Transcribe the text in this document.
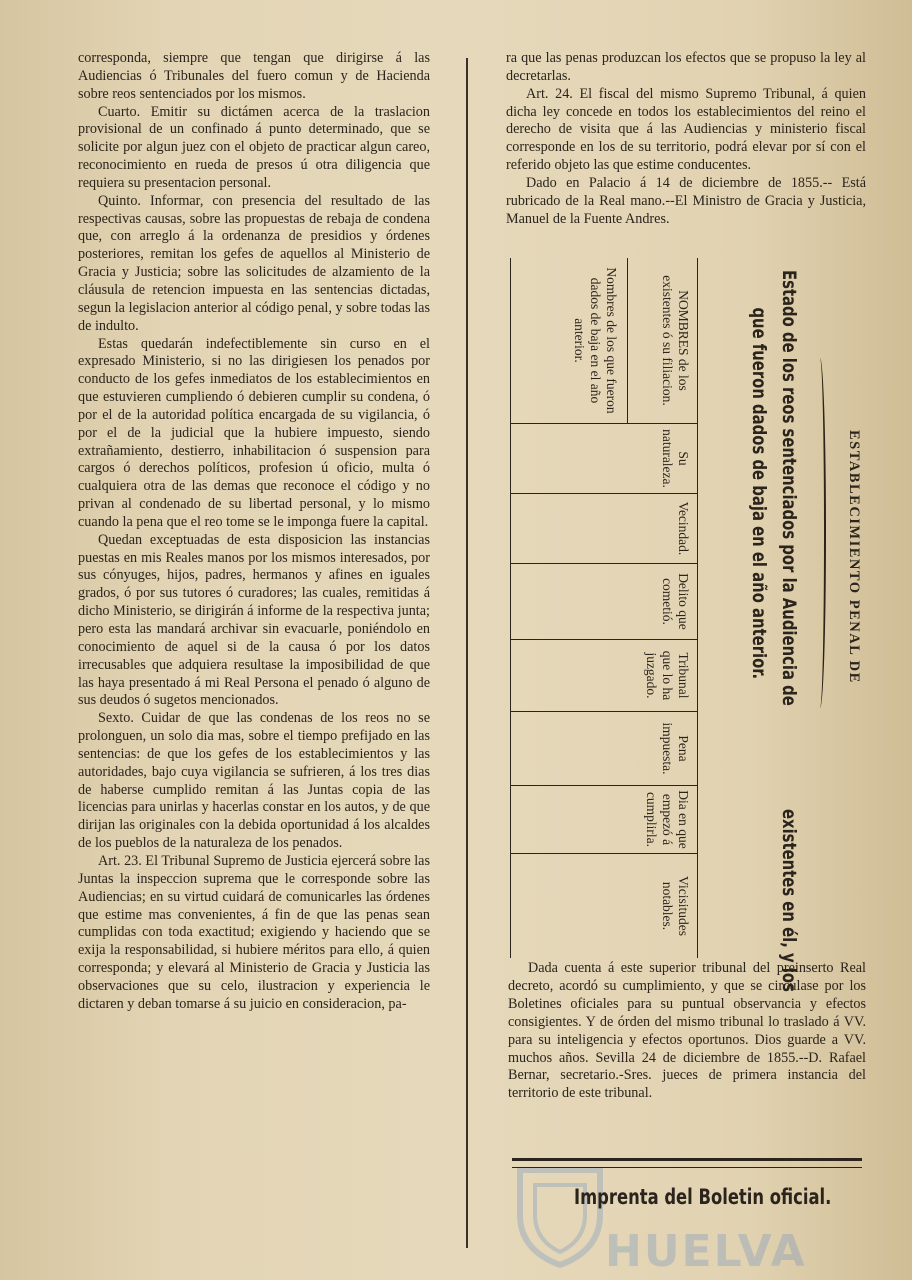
corresponda, siempre que tengan que dirigirse á las Audiencias ó Tribunales del fuero comun y de Hacienda sobre reos sentenciados por los mismos.

Cuarto. Emitir su dictámen acerca de la traslacion provisional de un confinado á punto determinado, que se solicite por algun juez con el objeto de practicar algun careo, reconocimiento en rueda de presos ú otra diligencia que requiera su presentacion personal.

Quinto. Informar, con presencia del resultado de las respectivas causas, sobre las propuestas de rebaja de condena que, con arreglo á la ordenanza de presidios y órdenes posteriores, remitan los gefes de aquellos al Ministerio de Gracia y Justicia; sobre las solicitudes de alzamiento de la cláusula de retencion impuesta en las sentencias dictadas, segun la legislacion anterior al código penal, y sobre todas las de indulto.

Estas quedarán indefectiblemente sin curso en el expresado Ministerio, si no las dirigiesen los penados por conducto de los gefes inmediatos de los establecimientos en que estuvieren cumpliendo ó debieren cumplir su condena, ó por el de la autoridad política encargada de su vigilancia, ó por el de la judicial que la hubiere impuesto, siendo extrañamiento, destierro, inhabilitacion ó suspension para cargos ó derechos políticos, profesion ú oficio, multa ó cualquiera otra de las demas que reconoce el código y no privan al condenado de su libertad personal, y lo mismo cuando la pena que el reo tome se le imponga fuere la capital.

Quedan exceptuadas de esta disposicion las instancias puestas en mis Reales manos por los mismos interesados, por sus cónyuges, hijos, padres, hermanos y afines en iguales grados, ó por sus tutores ó curadores; las cuales, remitidas á dicho Ministerio, se dirigirán á informe de la respectiva junta; pero esta las mandará archivar sin evacuarle, poniéndolo en conocimiento de aquel si de la causa ó por los datos irrecusables que adquiera resultase la imposibilidad de que las haya presentado á mi Real Persona el penado ó alguno de sus deudos ó sugetos mencionados.

Sexto. Cuidar de que las condenas de los reos no se prolonguen, un solo dia mas, sobre el tiempo prefijado en las sentencias: de que los gefes de los establecimientos y las autoridades, bajo cuya vigilancia se sufrieren, á los tres dias de haberse cumplido remitan á las Juntas copia de las licencias para unirlas y hacerlas constar en los autos, y de que dirijan las originales con la debida oportunidad á los alcaldes de los pueblos de la naturaleza de los penados.

Art. 23. El Tribunal Supremo de Justicia ejercerá sobre las Juntas la inspeccion suprema que le corresponde sobre las Audiencias; en su virtud cuidará de comunicarles las órdenes que estime mas convenientes, á fin de que las penas sean cumplidas con toda exactitud; exigiendo y haciendo que se exija la responsabilidad, si hubiere méritos para ello, á quien corresponda; y elevará al Ministerio de Gracia y Justicia las observaciones que su celo, ilustracion y experiencia le dictaren y deban tomarse á su juicio en consideracion, pa-

ra que las penas produzcan los efectos que se propuso la ley al decretarlas.

Art. 24. El fiscal del mismo Supremo Tribunal, á quien dicha ley concede en todos los establecimientos del reino el derecho de visita que á las Audiencias y ministerio fiscal corresponde en los de su territorio, podrá elevar por sí con el referido objeto las que estime conducentes.

Dado en Palacio á 14 de diciembre de 1855.-- Está rubricado de la Real mano.--El Ministro de Gracia y Justicia, Manuel de la Fuente Andres.

ESTABLECIMIENTO PENAL DE
Estado de los reos sentenciados por la Audiencia de                    existentes en él, y los
que fueron dados de baja en el año anterior.
NOMBRES de los existentes ó su filiacion.
Nombres de los que fueron dados de baja en el año anterior.
Su naturaleza.
Vecindad.
Delito que cometió.
Tribunal que lo ha juzgado.
Pena impuesta.
Dia en que empezó á cumplirla.
Vicisitudes notables.

Dada cuenta á este superior tribunal del preinserto Real decreto, acordó su cumplimiento, y que se circulase por los Boletines oficiales para su puntual observancia y efectos consigientes. Y de órden del mismo tribunal lo traslado á VV. para su inteligencia y efectos oportunos. Dios guarde a VV. muchos años. Sevilla 24 de diciembre de 1855.--D. Rafael Bernar, secretario.-Sres. jueces de primera instancia del territorio de este tribunal.

HUELVA
Imprenta del Boletin oficial.
